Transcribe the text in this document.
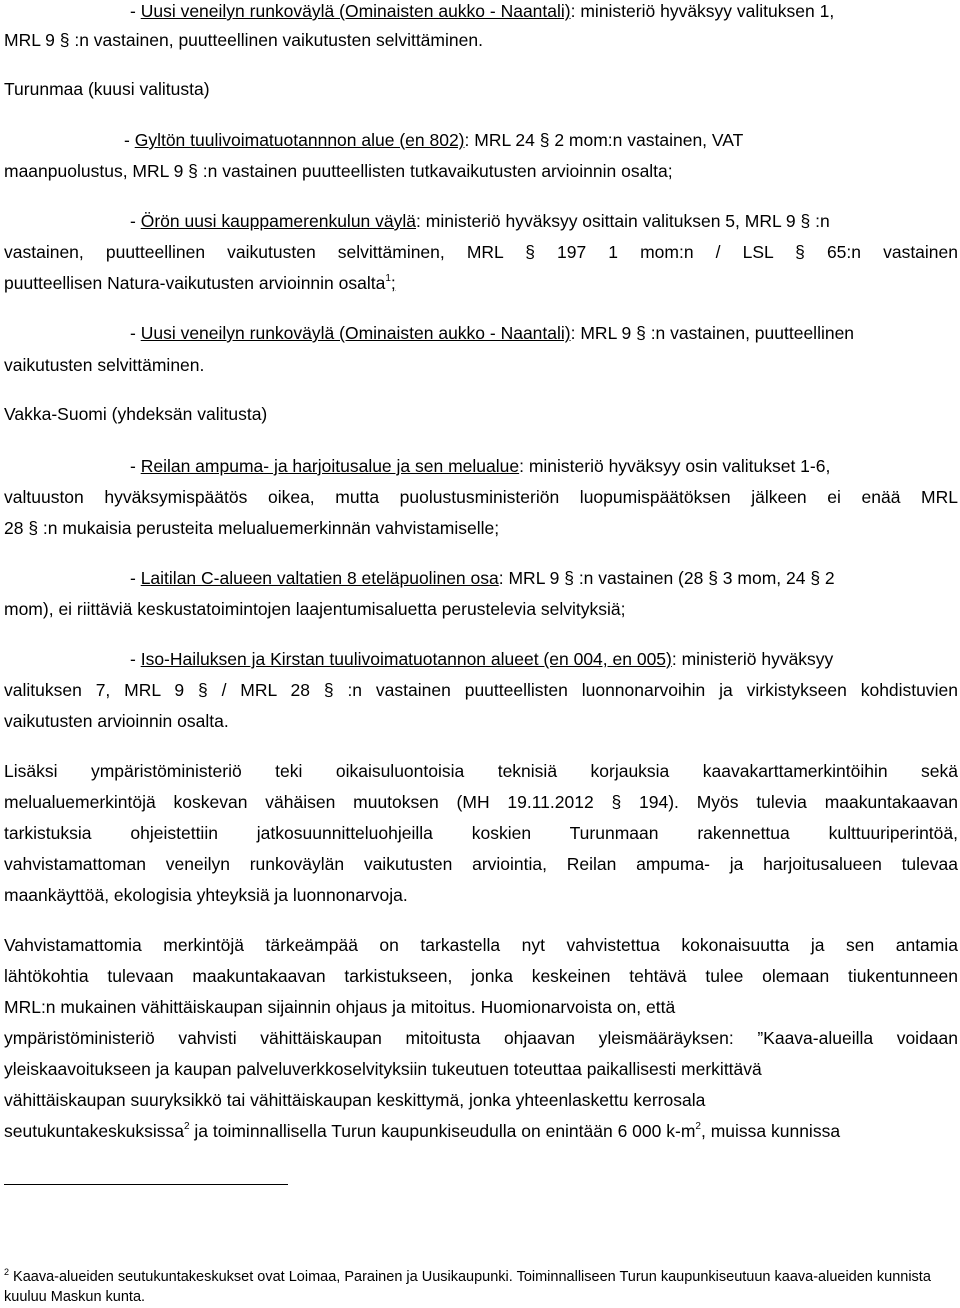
- Uusi veneilyn runkoväylä (Ominaisten aukko - Naantali): ministeriö hyväksyy valituksen 1,
MRL 9 § :n vastainen, puutteellinen vaikutusten selvittäminen.
Turunmaa (kuusi valitusta)
- Gyltön tuulivoimatuotannnon alue (en 802): MRL 24 § 2 mom:n vastainen, VAT
maanpuolustus, MRL 9 § :n vastainen puutteellisten tutkavaikutusten arvioinnin osalta;
- Örön uusi kauppamerenkulun väylä: ministeriö hyväksyy osittain valituksen 5, MRL 9 § :n
vastainen, puutteellinen vaikutusten selvittäminen, MRL § 197 1 mom:n / LSL § 65:n vastainen
puutteellisen Natura-vaikutusten arvioinnin osalta$^1$;
- Uusi veneilyn runkoväylä (Ominaisten aukko - Naantali): MRL 9 § :n vastainen, puutteellinen
vaikutusten selvittäminen.
Vakka-Suomi (yhdeksän valitusta)
- Reilan ampuma- ja harjoitusalue ja sen melualue: ministeriö hyväksyy osin valitukset 1-6,
valtuuston hyväksymispäätös oikea, mutta puolustusministeriön luopumispäätöksen jälkeen ei enää MRL
28 § :n mukaisia perusteita melualuemerkinnän vahvistamiselle;
- Laitilan C-alueen valtatien 8 eteläpuolinen osa: MRL 9 § :n vastainen (28 § 3 mom, 24 § 2
mom), ei riittäviä keskustatoimintojen laajentumisaluetta perustelevia selvityksiä;
- Iso-Hailuksen ja Kirstan tuulivoimatuotannon alueet (en 004, en 005): ministeriö hyväksyy
valituksen 7, MRL 9 § / MRL 28 § :n vastainen puutteellisten luonnonarvoihin ja virkistykseen kohdistuvien
vaikutusten arvioinnin osalta.
Lisäksi ympäristöministeriö teki oikaisuluontoisia teknisiä korjauksia kaavakarttamerkintöihin sekä
melualuemerkintöjä koskevan vähäisen muutoksen (MH 19.11.2012 § 194). Myös tulevia maakuntakaavan
tarkistuksia ohjeistettiin jatkosuunnitteluohjeilla koskien Turunmaan rakennettua kulttuuriperintöä,
vahvistamattoman veneilyn runkoväylän vaikutusten arviointia, Reilan ampuma- ja harjoitusalueen tulevaa
maankäyttöä, ekologisia yhteyksiä ja luonnonarvoja.
Vahvistamattomia merkintöjä tärkeämpää on tarkastella nyt vahvistettua kokonaisuutta ja sen antamia
lähtökohtia tulevaan maakuntakaavan tarkistukseen, jonka keskeinen tehtävä tulee olemaan tiukentunneen
MRL:n mukainen vähittäiskaupan sijainnin ohjaus ja mitoitus. Huomionarvoista on, että
ympäristöministeriö vahvisti vähittäiskaupan mitoitusta ohjaavan yleismääräyksen: ”Kaava-alueilla voidaan
yleiskaavoitukseen ja kaupan palveluverkkoselvityksiin tukeutuen toteuttaa paikallisesti merkittävä
vähittäiskaupan suuryksikkö tai vähittäiskaupan keskittymä, jonka yhteenlaskettu kerrosala
seutukuntakeskuksissa$^2$ ja toiminnallisella Turun kaupunkiseudulla on enintään 6 000 $k-m^2$, muissa kunnissa
$^2$ Kaava-alueiden seutukuntakeskukset ovat Loimaa, Parainen ja Uusikaupunki. Toiminnalliseen Turun kaupunkiseutuun kaava-alueiden kunnista
kuuluu Maskun kunta.
